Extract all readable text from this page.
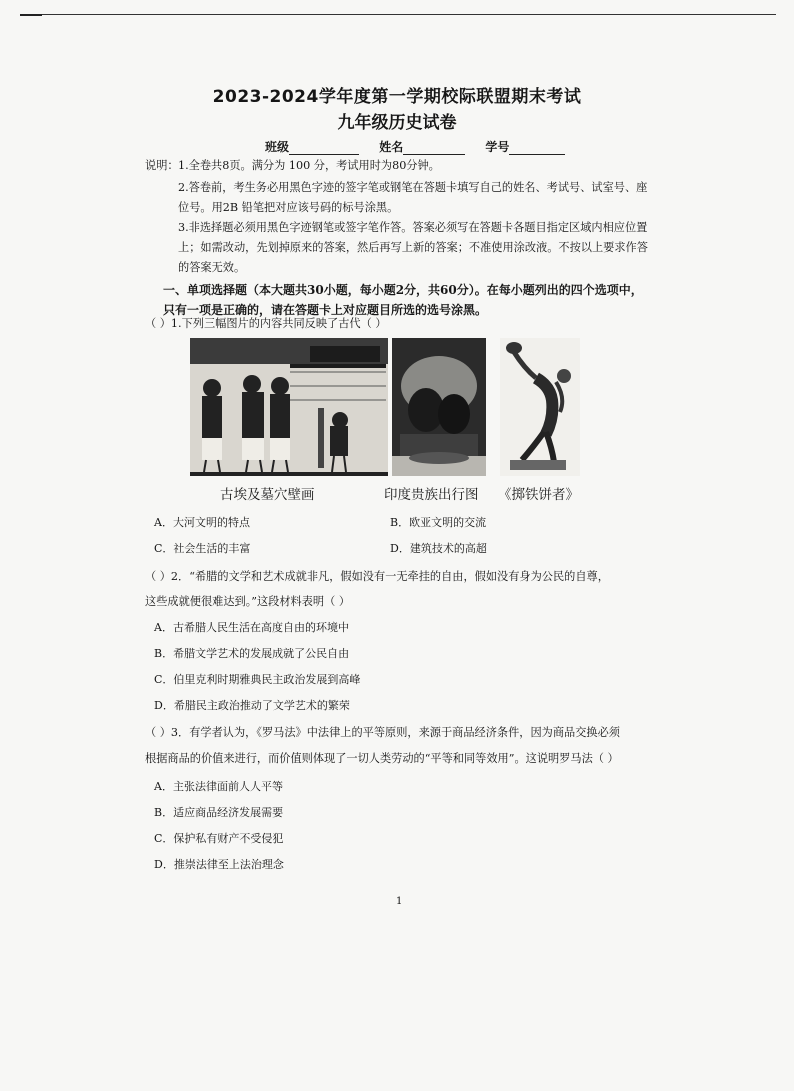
2023-2024学年度第一学期校际联盟期末考试
九年级历史试卷
班级	姓名	学号
说明： 1.全卷共8页。满分为 100 分，考试用时为80分钟。
2.答卷前，考生务必用黑色字迹的签字笔或钢笔在答题卡填写自己的姓名、考试号、试室号、座
位号。用2B 铅笔把对应该号码的标号涂黑。
3.非选择题必须用黑色字迹钢笔或签字笔作答。答案必须写在答题卡各题目指定区域内相应位置
上；如需改动，先划掉原来的答案，然后再写上新的答案；不准使用涂改液。不按以上要求作答
的答案无效。
一、单项选择题（本大题共30小题，每小题2分，共60分）。在每小题列出的四个选项中，
只有一项是正确的，请在答题卡上对应题目所选的选号涂黑。
（ ）1.下列三幅图片的内容共同反映了古代（ ）
古埃及墓穴壁画	印度贵族出行图 《掷铁饼者》
A．大河文明的特点	B．欧亚文明的交流
C．社会生活的丰富	D．建筑技术的高超
（ ）2．“希腊的文学和艺术成就非凡，假如没有一无牵挂的自由，假如没有身为公民的自尊，
这些成就便很难达到。”这段材料表明（ ）
A．古希腊人民生活在高度自由的环境中
B．希腊文学艺术的发展成就了公民自由
C．伯里克利时期雅典民主政治发展到高峰
D．希腊民主政治推动了文学艺术的繁荣
（ ）3．有学者认为，《罗马法》中法律上的平等原则，来源于商品经济条件，因为商品交换必须
根据商品的价值来进行，而价值则体现了一切人类劳动的“平等和同等效用”。这说明罗马法（ ）
A．主张法律面前人人平等
B．适应商品经济发展需要
C．保护私有财产不受侵犯
D．推崇法律至上法治理念
1
